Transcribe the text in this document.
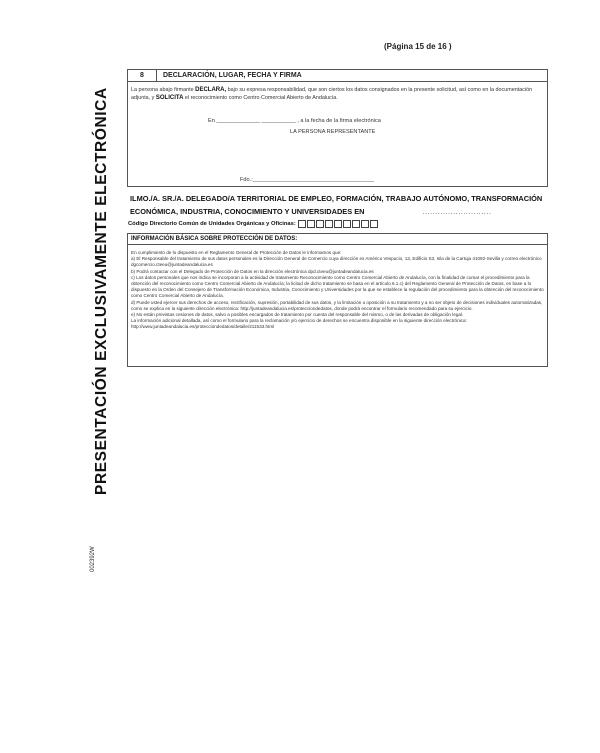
(Página 15 de 16 )
PRESENTACIÓN EXCLUSIVAMENTE ELECTRÓNICA
002392W
8	DECLARACIÓN, LUGAR, FECHA Y FIRMA
La persona abajo firmante DECLARA, bajo su expresa responsabilidad, que son ciertos los datos consignados en la presente solicitud, así como en la documentación adjunta, y SOLICITA el reconocimiento como Centro Comercial Abierto de Andalucía.
En ______________ ___________ , a la fecha de la firma electrónica
LA PERSONA REPRESENTANTE
Fdo.:_______________________________________
ILMO./A. SR./A. DELEGADO/A TERRITORIAL DE EMPLEO, FORMACIÓN, TRABAJO AUTÓNOMO, TRANSFORMACIÓN
ECONÓMICA, INDUSTRIA, CONOCIMIENTO Y UNIVERSIDADES EN	...........................
Código Directorio Común de Unidades Orgánicas y Oficinas:
INFORMACIÓN BÁSICA SOBRE PROTECCIÓN DE DATOS:

En cumplimiento de lo dispuesto en el Reglamento General de Protección de Datos le informamos que:

a) El Responsable del tratamiento de sus datos personales es la Dirección General de Comercio cuya dirección es Américo Vespucio, 13, Edificio S3, Isla de la Cartuja 41092-Sevilla y correo electrónico dgcomercio.cteeu@juntadeandalucia.es

b) Podrá contactar con el Delegado de Protección de Datos en la dirección electrónica dpd.cteeu@juntadeandalucia.es

c) Los datos personales que nos indica se incorporan a la actividad de tratamiento Reconocimiento como Centro Comercial Abierto de Andalucía, con la finalidad de cursar el procedimiento para la obtención del reconocimiento como Centro Comercial Abierto de Andalucía; la licitud de dicho tratamiento se basa en el artículo 6.1.c) del Reglamento General de Protección de Datos, en base a lo dispuesto en la Orden del Consejero de Transformación Económica, Industria, Conocimiento y Universidades por la que se establece la regulación del procedimiento para la obtención del reconocimiento como Centro Comercial Abierto de Andalucía.

d) Puede usted ejercer sus derechos de acceso, rectificación, supresión, portabilidad de sus datos, y la limitación u oposición a su tratamiento y a no ser objeto de decisiones individuales automatizadas, como se explica en la siguiente dirección electrónica: http://juntadeandalucia.es/protecciondedatos, donde podrá encontrar el formulario recomendado para su ejercicio.

e) No están previstas cesiones de datos, salvo a posibles encargados de tratamiento por cuenta del responsable del mismo, o de las derivadas de obligación legal.

La información adicional detallada, así como el formulario para la reclamación y/o ejercicio de derechos se encuentra disponible en la siguiente dirección electrónica: http://www.juntadeandalucia.es/protecciondedatos/detalle/211533.html
